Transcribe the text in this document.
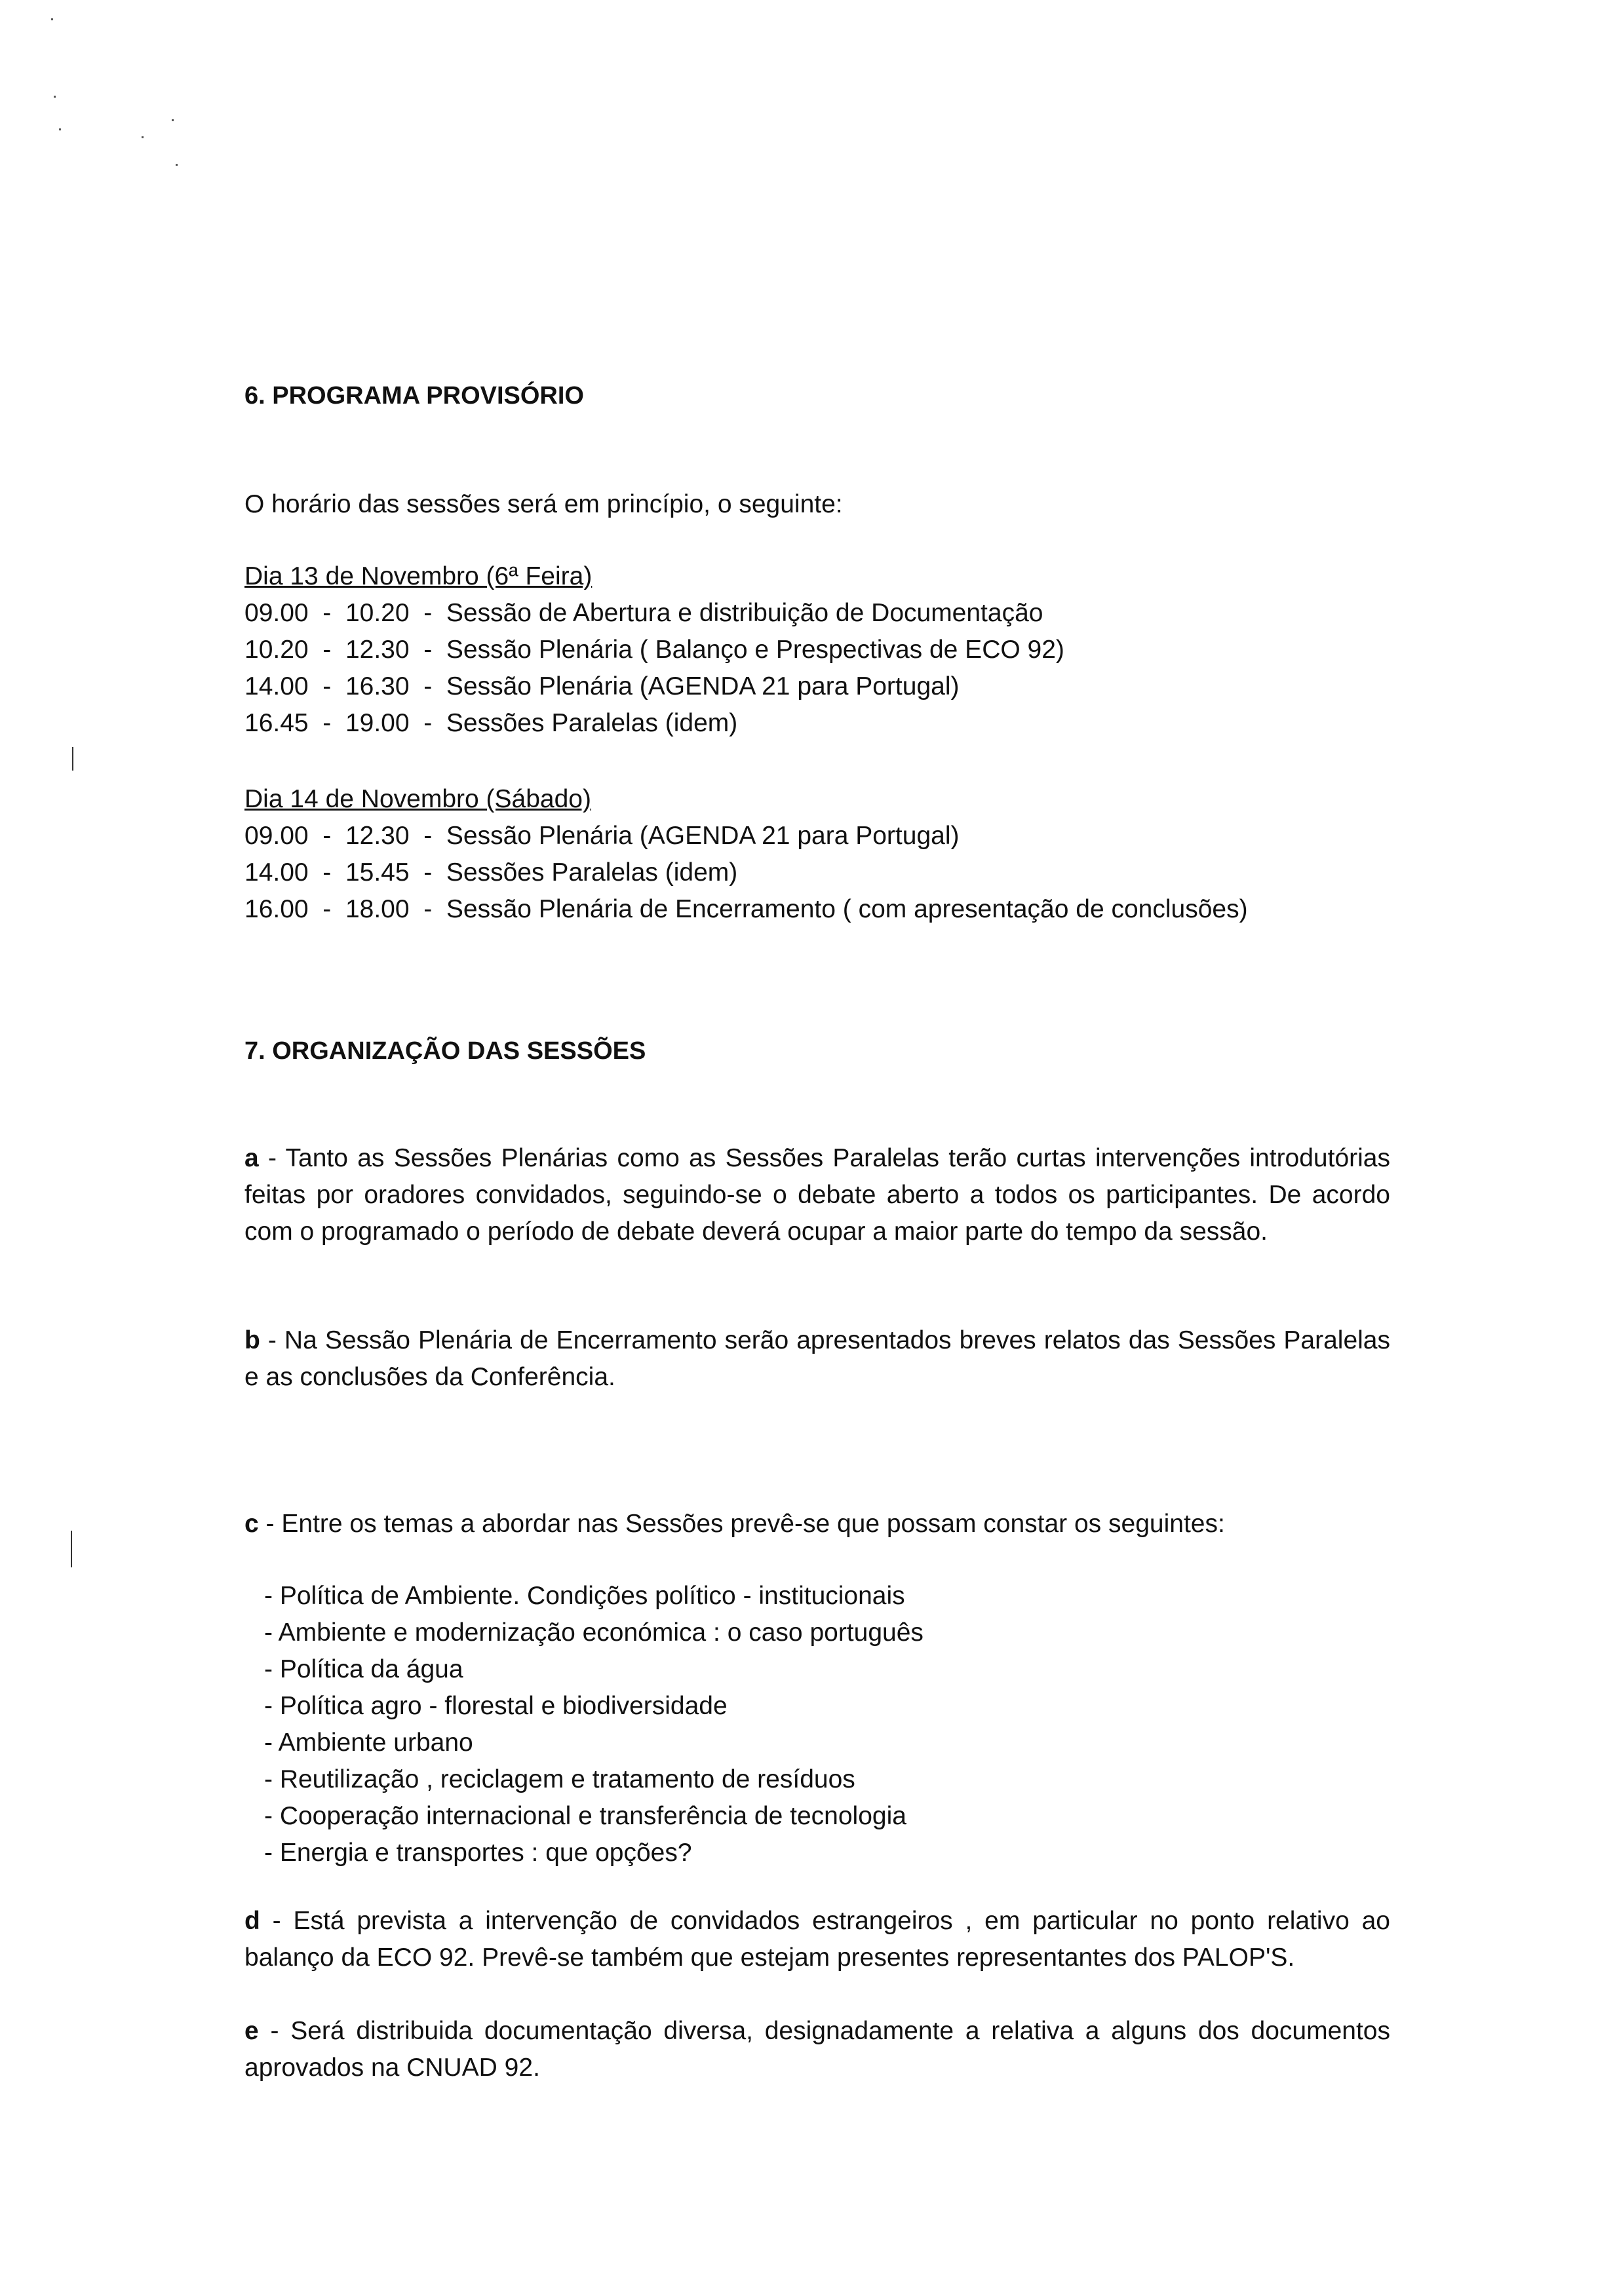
6. PROGRAMA PROVISÓRIO

O horário das sessões será em princípio, o seguinte:

Dia 13 de Novembro (6ª Feira)

09.00  -  10.20  -  Sessão de Abertura e distribuição de Documentação
10.20  -  12.30  -  Sessão Plenária ( Balanço e Prespectivas de ECO 92)
14.00  -  16.30  -  Sessão Plenária (AGENDA 21 para Portugal)
16.45  -  19.00  -  Sessões Paralelas (idem)

Dia 14 de Novembro (Sábado)

09.00  -  12.30  -  Sessão Plenária (AGENDA 21 para Portugal)
14.00  -  15.45  -  Sessões Paralelas (idem)
16.00  -  18.00  -  Sessão Plenária de Encerramento ( com apresentação de conclusões)
7. ORGANIZAÇÃO DAS SESSÕES

a - Tanto as Sessões Plenárias como as Sessões Paralelas terão curtas intervenções introdutórias feitas por oradores convidados, seguindo-se o debate aberto a todos os participantes. De acordo com o programado o período de debate deverá ocupar a maior parte do tempo da sessão.

b - Na Sessão Plenária de Encerramento serão apresentados breves relatos das Sessões Paralelas e as conclusões da Conferência.

c - Entre os temas a abordar nas Sessões prevê-se que possam constar os seguintes:

- Política de Ambiente. Condições político - institucionais
- Ambiente e modernização económica : o caso português
- Política da água
- Política agro - florestal e biodiversidade
- Ambiente urbano
- Reutilização , reciclagem e tratamento de resíduos
- Cooperação internacional e transferência de tecnologia
- Energia e transportes : que opções?

d - Está prevista a intervenção de convidados estrangeiros , em particular no ponto relativo ao balanço da ECO 92. Prevê-se também que estejam presentes representantes dos PALOP'S.

e - Será distribuida documentação diversa, designadamente a relativa a alguns dos documentos aprovados na CNUAD 92.
